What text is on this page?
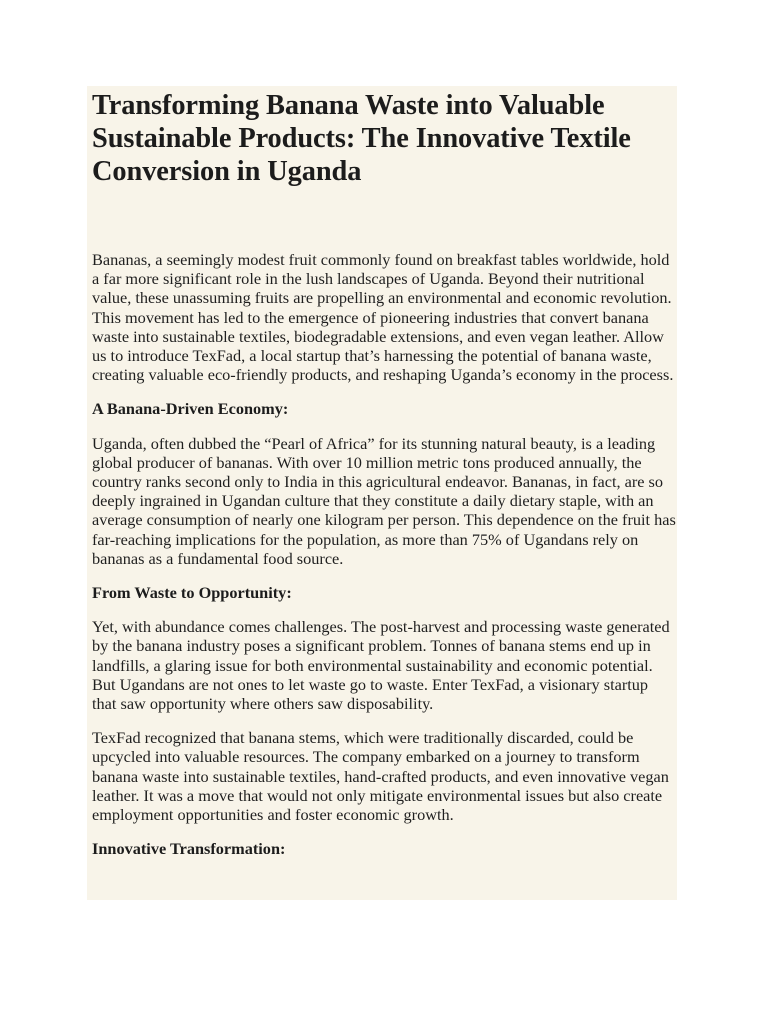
Transforming Banana Waste into Valuable Sustainable Products: The Innovative Textile Conversion in Uganda

Bananas, a seemingly modest fruit commonly found on breakfast tables worldwide, hold a far more significant role in the lush landscapes of Uganda. Beyond their nutritional value, these unassuming fruits are propelling an environmental and economic revolution. This movement has led to the emergence of pioneering industries that convert banana waste into sustainable textiles, biodegradable extensions, and even vegan leather. Allow us to introduce TexFad, a local startup that’s harnessing the potential of banana waste, creating valuable eco-friendly products, and reshaping Uganda’s economy in the process.

A Banana-Driven Economy:

Uganda, often dubbed the “Pearl of Africa” for its stunning natural beauty, is a leading global producer of bananas. With over 10 million metric tons produced annually, the country ranks second only to India in this agricultural endeavor. Bananas, in fact, are so deeply ingrained in Ugandan culture that they constitute a daily dietary staple, with an average consumption of nearly one kilogram per person. This dependence on the fruit has far-reaching implications for the population, as more than 75% of Ugandans rely on bananas as a fundamental food source.

From Waste to Opportunity:

Yet, with abundance comes challenges. The post-harvest and processing waste generated by the banana industry poses a significant problem. Tonnes of banana stems end up in landfills, a glaring issue for both environmental sustainability and economic potential. But Ugandans are not ones to let waste go to waste. Enter TexFad, a visionary startup that saw opportunity where others saw disposability.

TexFad recognized that banana stems, which were traditionally discarded, could be upcycled into valuable resources. The company embarked on a journey to transform banana waste into sustainable textiles, hand-crafted products, and even innovative vegan leather. It was a move that would not only mitigate environmental issues but also create employment opportunities and foster economic growth.

Innovative Transformation:
